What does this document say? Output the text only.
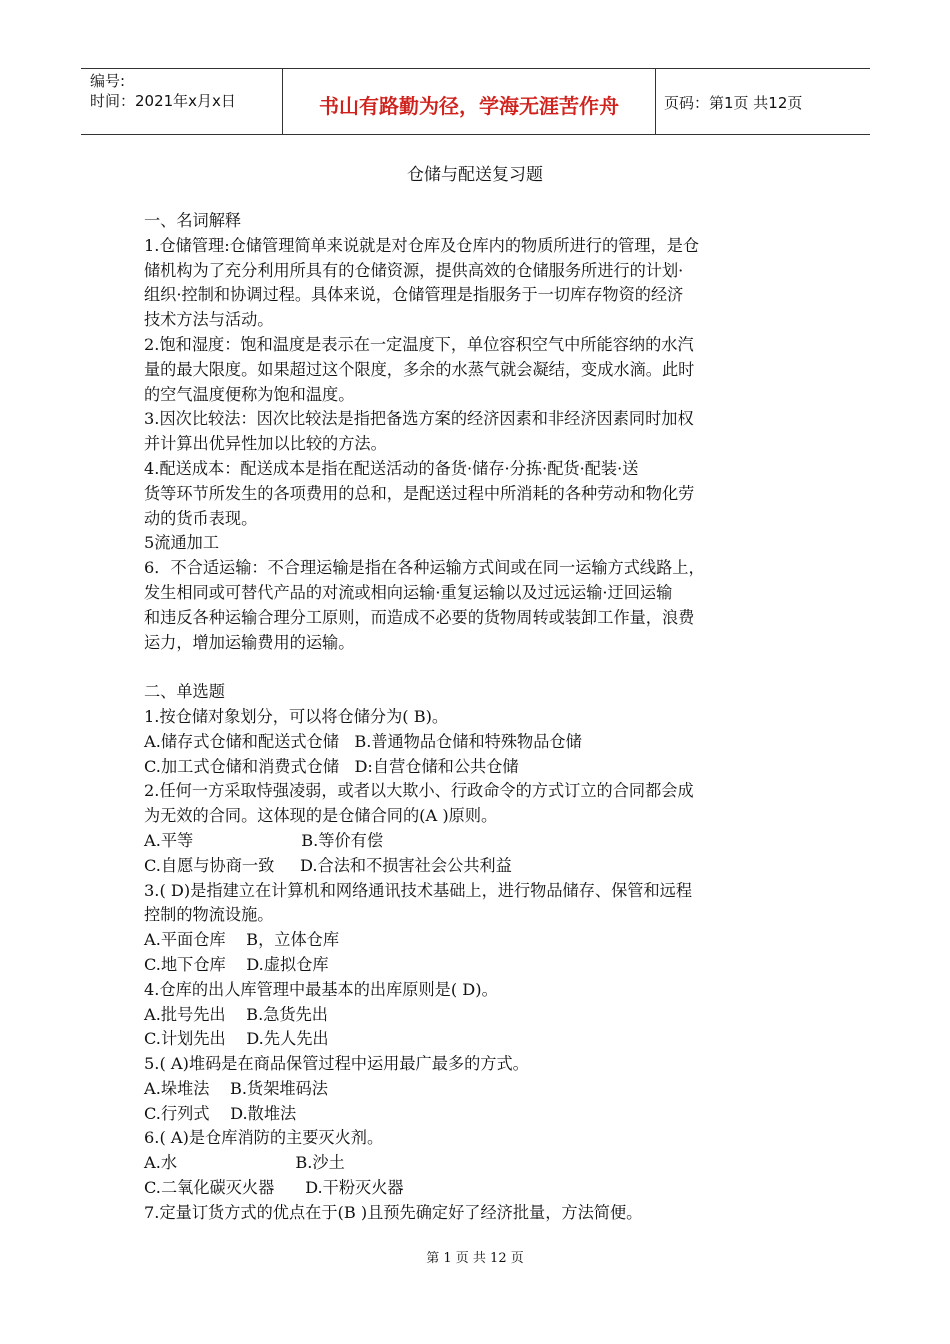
编号:
时间：2021年x月x日	书山有路勤为径，学海无涯苦作舟	页码：第1页 共12页
仓储与配送复习题

一、名词解释

1.仓储管理:仓储管理简单来说就是对仓库及仓库内的物质所进行的管理，是仓

储机构为了充分利用所具有的仓储资源，提供高效的仓储服务所进行的计划·

组织·控制和协调过程。具体来说，仓储管理是指服务于一切库存物资的经济

技术方法与活动。

2.饱和湿度：饱和温度是表示在一定温度下，单位容积空气中所能容纳的水汽

量的最大限度。如果超过这个限度，多余的水蒸气就会凝结，变成水滴。此时

的空气温度便称为饱和温度。

3.因次比较法：因次比较法是指把备选方案的经济因素和非经济因素同时加权

并计算出优异性加以比较的方法。

4.配送成本：配送成本是指在配送活动的备货·储存·分拣·配货·配装·送

货等环节所发生的各项费用的总和，是配送过程中所消耗的各种劳动和物化劳

动的货币表现。

5流通加工

6．不合适运输：不合理运输是指在各种运输方式间或在同一运输方式线路上，

发生相同或可替代产品的对流或相向运输·重复运输以及过远运输·迂回运输

和违反各种运输合理分工原则，而造成不必要的货物周转或装卸工作量，浪费

运力，增加运输费用的运输。

二、单选题

1.按仓储对象划分，可以将仓储分为( B)。

A.储存式仓储和配送式仓储   B.普通物品仓储和特殊物品仓储

C.加工式仓储和消费式仓储   D:自营仓储和公共仓储

2.任何一方采取恃强凌弱，或者以大欺小、行政命令的方式订立的合同都会成

为无效的合同。这体现的是仓储合同的(A )原则。

A.平等                     B.等价有偿

C.自愿与协商一致     D.合法和不损害社会公共利益

3.( D)是指建立在计算机和网络通讯技术基础上，进行物品储存、保管和远程

控制的物流设施。

A.平面仓库    B，立体仓库

C.地下仓库    D.虚拟仓库

4.仓库的出人库管理中最基本的出库原则是( D)。

A.批号先出    B.急货先出

C.计划先出    D.先人先出

5.( A)堆码是在商品保管过程中运用最广最多的方式。

A.垛堆法    B.货架堆码法

C.行列式    D.散堆法

6.( A)是仓库消防的主要灭火剂。

A.水                       B.沙土

C.二氧化碳灭火器      D.干粉灭火器

7.定量订货方式的优点在于(B )且预先确定好了经济批量，方法简便。

第 1 页 共 12 页
